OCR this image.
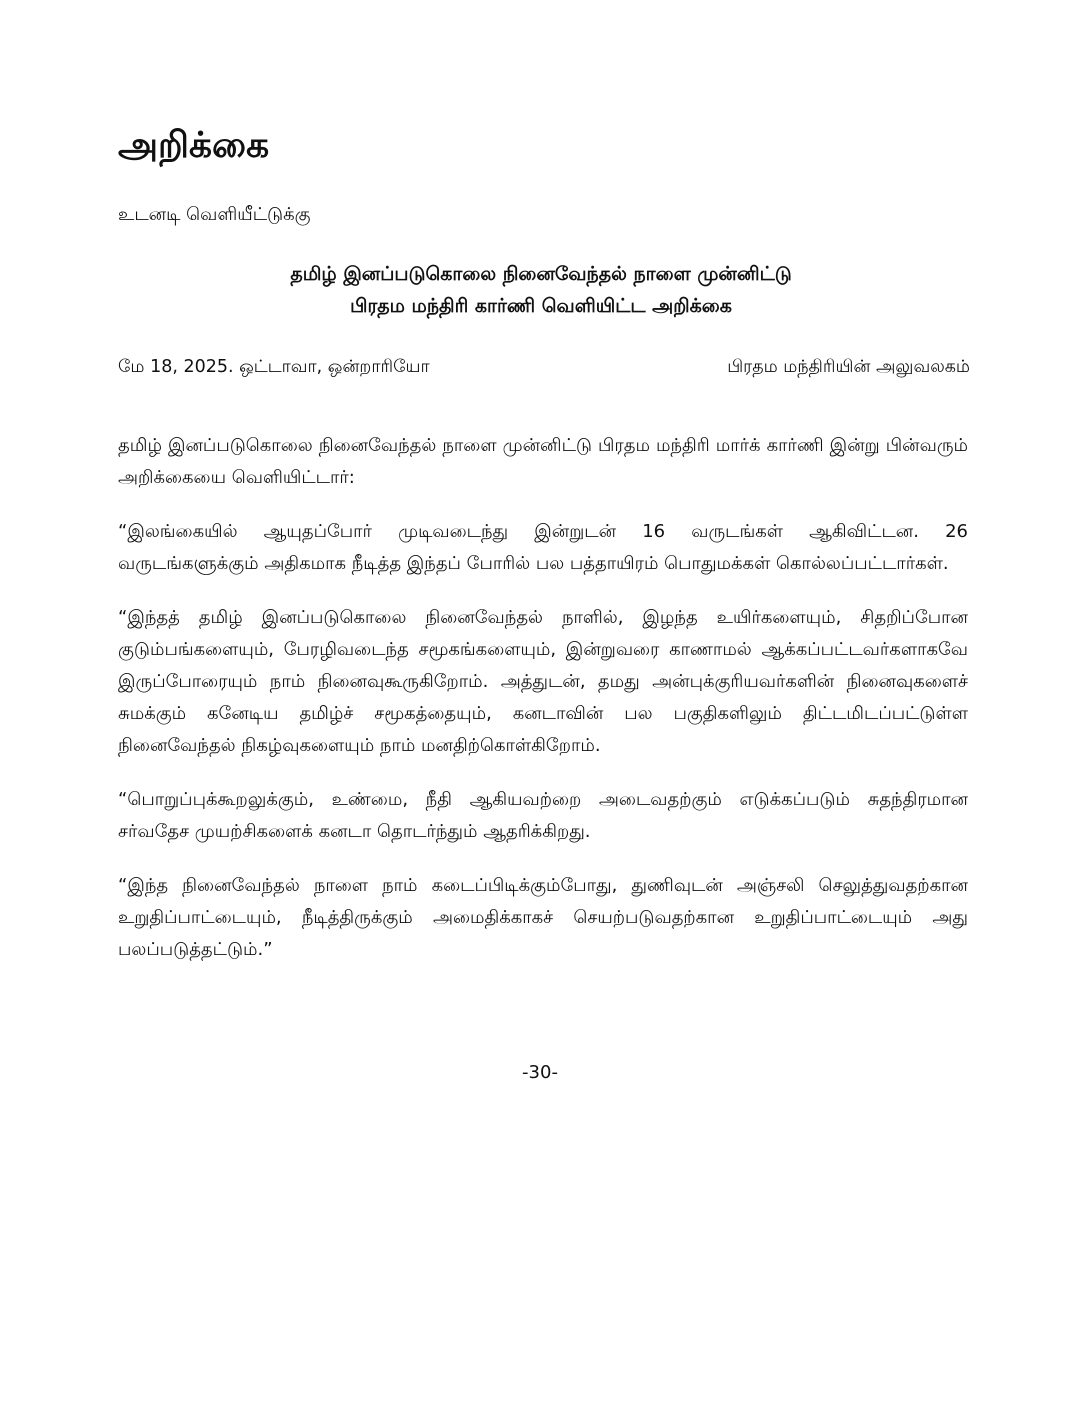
அறிக்கை
உடனடி வெளியீட்டுக்கு
தமிழ் இனப்படுகொலை நினைவேந்தல் நாளை முன்னிட்டு
பிரதம மந்திரி கார்ணி வெளியிட்ட அறிக்கை
மே 18, 2025. ஒட்டாவா, ஒன்றாரியோ	பிரதம மந்திரியின் அலுவலகம்

தமிழ் இனப்படுகொலை நினைவேந்தல் நாளை முன்னிட்டு பிரதம மந்திரி மார்க் கார்ணி இன்று பின்வரும் அறிக்கையை வெளியிட்டார்:

“இலங்கையில் ஆயுதப்போர் முடிவடைந்து இன்றுடன் 16 வருடங்கள் ஆகிவிட்டன. 26 வருடங்களுக்கும் அதிகமாக நீடித்த இந்தப் போரில் பல பத்தாயிரம் பொதுமக்கள் கொல்லப்பட்டார்கள்.

“இந்தத் தமிழ் இனப்படுகொலை நினைவேந்தல் நாளில், இழந்த உயிர்களையும், சிதறிப்போன குடும்பங்களையும், பேரழிவடைந்த சமூகங்களையும், இன்றுவரை காணாமல் ஆக்கப்பட்டவர்களாகவே இருப்போரையும் நாம் நினைவுகூருகிறோம். அத்துடன், தமது அன்புக்குரியவர்களின் நினைவுகளைச் சுமக்கும் கனேடிய தமிழ்ச் சமூகத்தையும், கனடாவின் பல பகுதிகளிலும் திட்டமிடப்பட்டுள்ள நினைவேந்தல் நிகழ்வுகளையும் நாம் மனதிற்கொள்கிறோம்.

“பொறுப்புக்கூறலுக்கும், உண்மை, நீதி ஆகியவற்றை அடைவதற்கும் எடுக்கப்படும் சுதந்திரமான சர்வதேச முயற்சிகளைக் கனடா தொடர்ந்தும் ஆதரிக்கிறது.

“இந்த நினைவேந்தல் நாளை நாம் கடைப்பிடிக்கும்போது, துணிவுடன் அஞ்சலி செலுத்துவதற்கான உறுதிப்பாட்டையும், நீடித்திருக்கும் அமைதிக்காகச் செயற்படுவதற்கான உறுதிப்பாட்டையும் அது பலப்படுத்தட்டும்.”

-30-
